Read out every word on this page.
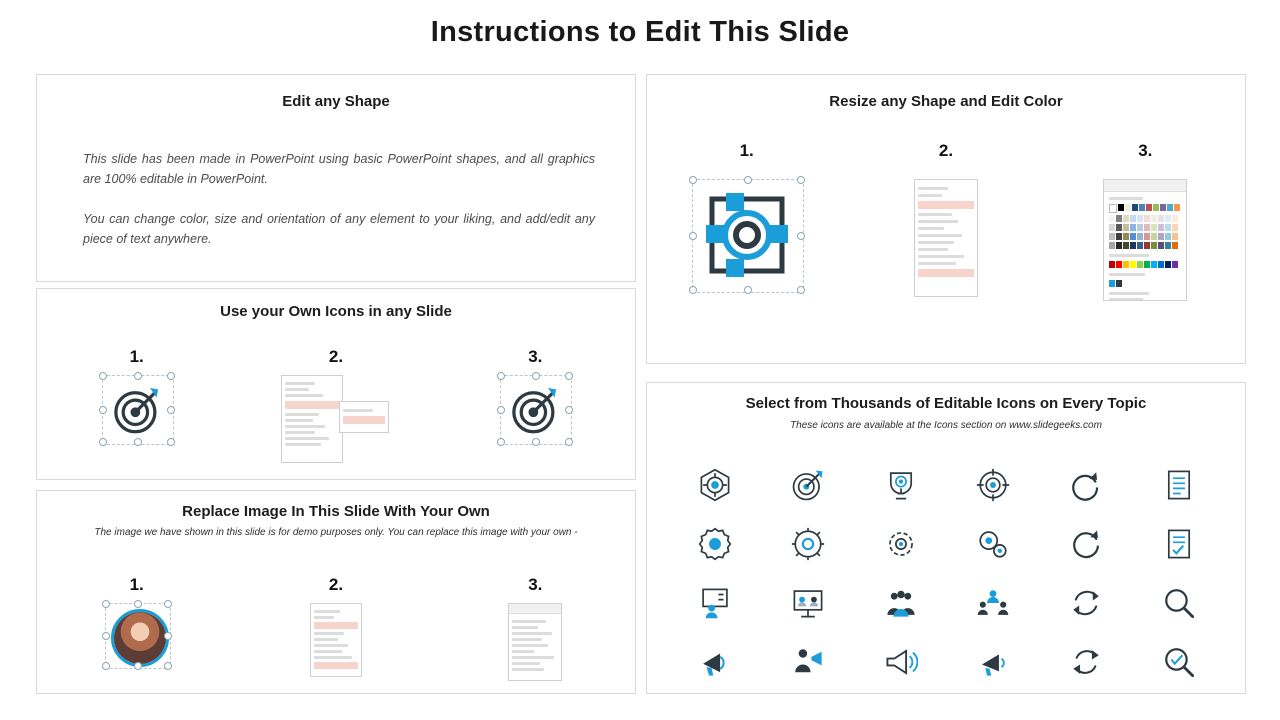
Instructions to Edit This Slide
Edit any Shape
This slide has been made in PowerPoint using basic PowerPoint shapes, and all graphics are 100% editable in PowerPoint.
You can change color, size and orientation of any element to your liking, and add/edit any piece of text anywhere.
Use your Own Icons in any Slide
1.	2.	3.
Replace Image In This Slide With Your Own
The image we have shown in this slide is for demo purposes only. You can replace this image with your own -
1.	2.	3.
Resize any Shape and Edit Color
1.	2.	3.
Select from Thousands of Editable Icons on Every Topic
These icons are available at the Icons section on www.slidegeeks.com
